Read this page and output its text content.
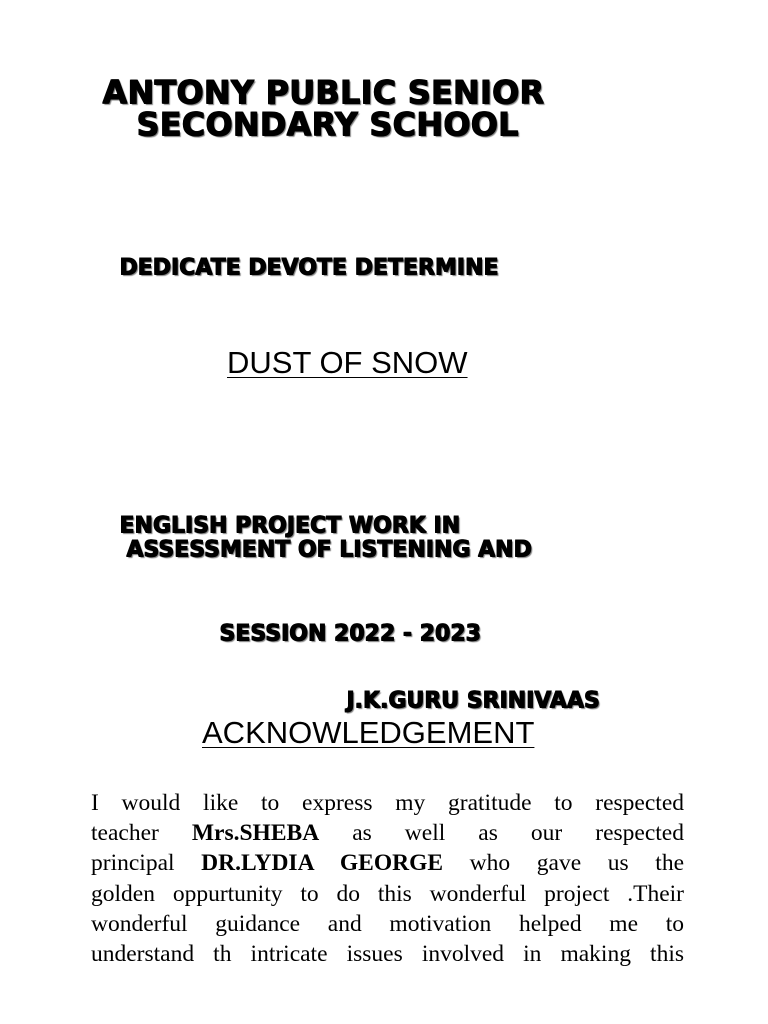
ANTONY PUBLIC SENIOR
SECONDARY SCHOOL
DEDICATE DEVOTE DETERMINE
DUST OF SNOW
ENGLISH PROJECT WORK IN
ASSESSMENT OF LISTENING AND
SESSION 2022 - 2023
J.K.GURU SRINIVAAS
ACKNOWLEDGEMENT
I would like to express my gratitude to respected
teacher Mrs.SHEBA as well as our respected
principal DR.LYDIA GEORGE who gave us the
golden oppurtunity to do this wonderful project .Their
wonderful guidance and motivation helped me to
understand th intricate issues involved in making this
